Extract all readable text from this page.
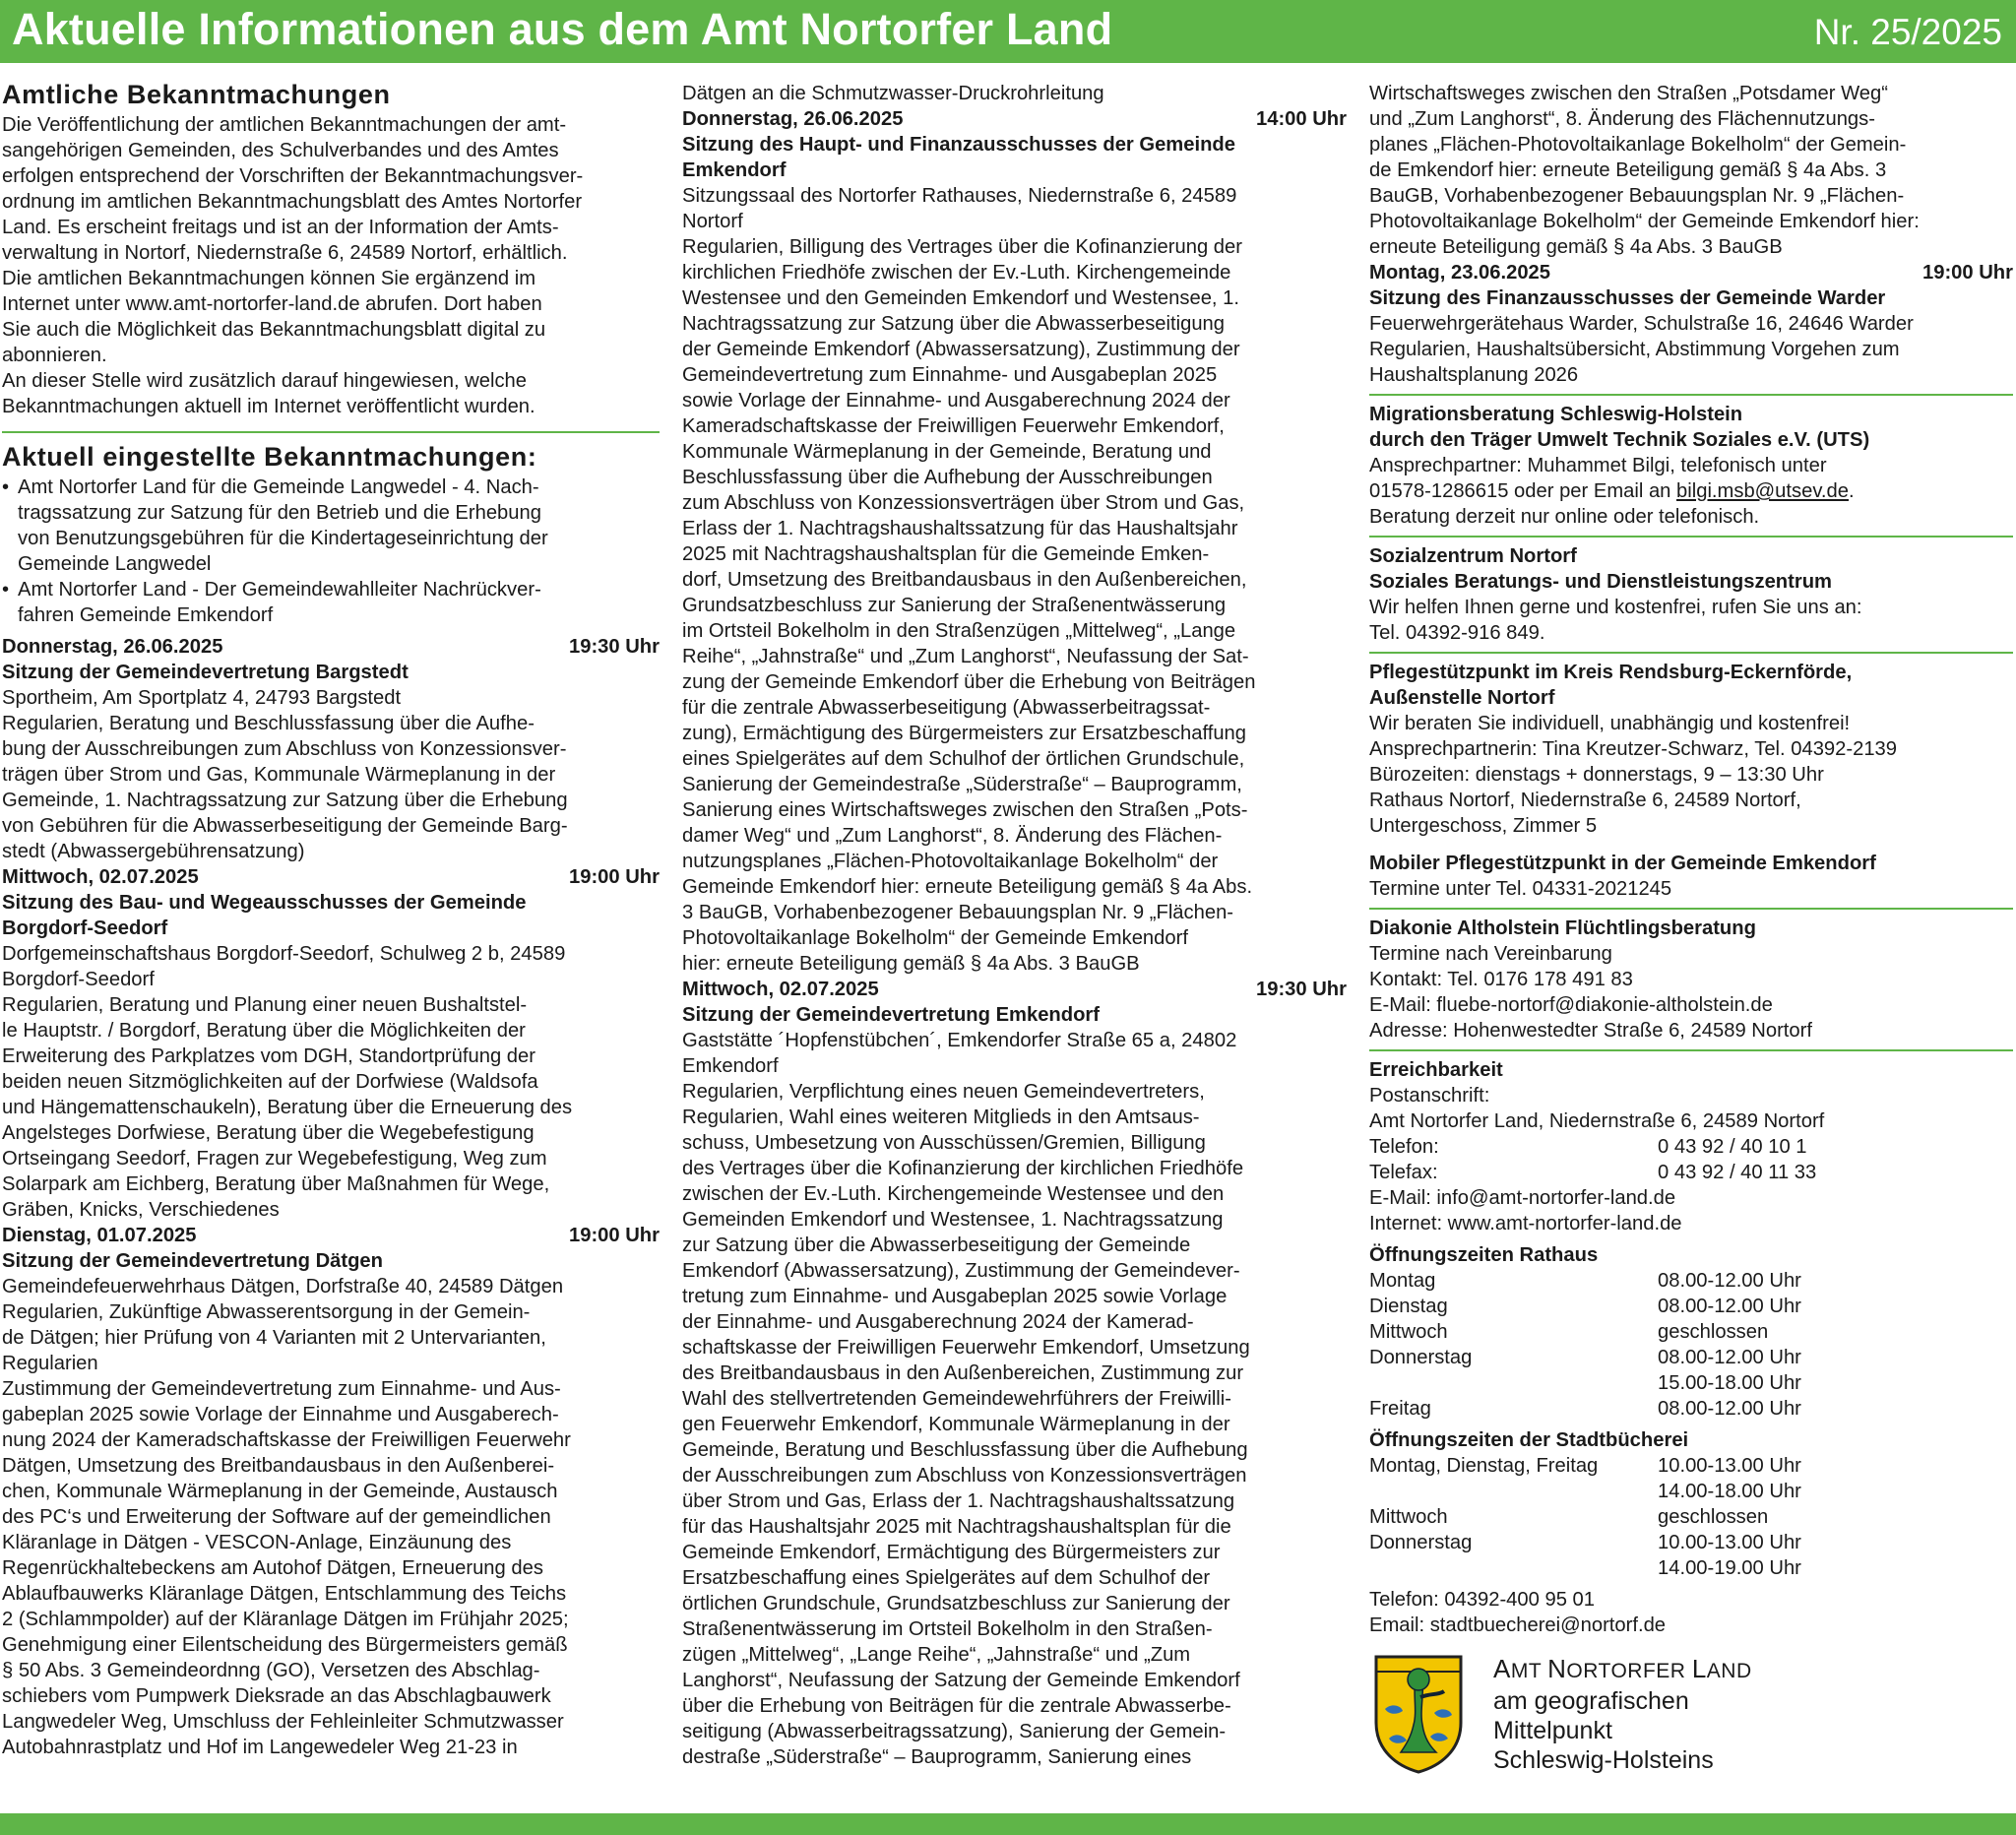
Aktuelle Informationen aus dem Amt Nortorfer Land	Nr. 25/2025
Amtliche Bekanntmachungen

Die Veröffentlichung der amtlichen Bekanntmachungen der amt-

sangehörigen Gemeinden, des Schulverbandes und des Amtes

erfolgen entsprechend der Vorschriften der Bekanntmachungsver-

ordnung im amtlichen Bekanntmachungsblatt des Amtes Nortorfer

Land. Es erscheint freitags und ist an der Information der Amts-

verwaltung in Nortorf, Niedernstraße 6, 24589 Nortorf, erhältlich.

Die amtlichen Bekanntmachungen können Sie ergänzend im

Internet unter www.amt-nortorfer-land.de abrufen. Dort haben

Sie auch die Möglichkeit das Bekanntmachungsblatt digital zu

abonnieren.

An dieser Stelle wird zusätzlich darauf hingewiesen, welche

Bekanntmachungen aktuell im Internet veröffentlicht wurden.

Aktuell eingestellte Bekanntmachungen:
• Amt Nortorfer Land für die Gemeinde Langwedel - 4. Nach-

tragssatzung zur Satzung für den Betrieb und die Erhebung

von Benutzungsgebühren für die Kindertageseinrichtung der

Gemeinde Langwedel

• Amt Nortorfer Land - Der Gemeindewahlleiter Nachrückver-

fahren Gemeinde Emkendorf

Donnerstag, 26.06.2025	19:30 Uhr

Sitzung der Gemeindevertretung Bargstedt

Sportheim, Am Sportplatz 4, 24793 Bargstedt

Regularien, Beratung und Beschlussfassung über die Aufhe-

bung der Ausschreibungen zum Abschluss von Konzessionsver-

trägen über Strom und Gas, Kommunale Wärmeplanung in der

Gemeinde, 1. Nachtragssatzung zur Satzung über die Erhebung

von Gebühren für die Abwasserbeseitigung der Gemeinde Barg-

stedt (Abwassergebührensatzung)

Mittwoch, 02.07.2025	19:00 Uhr

Sitzung des Bau- und Wegeausschusses der Gemeinde

Borgdorf-Seedorf

Dorfgemeinschaftshaus Borgdorf-Seedorf, Schulweg 2 b, 24589

Borgdorf-Seedorf

Regularien, Beratung und Planung einer neuen Bushaltstel-

le Hauptstr. / Borgdorf, Beratung über die Möglichkeiten der

Erweiterung des Parkplatzes vom DGH, Standortprüfung der

beiden neuen Sitzmöglichkeiten auf der Dorfwiese (Waldsofa

und Hängemattenschaukeln), Beratung über die Erneuerung des

Angelsteges Dorfwiese, Beratung über die Wegebefestigung

Ortseingang Seedorf, Fragen zur Wegebefestigung, Weg zum

Solarpark am Eichberg, Beratung über Maßnahmen für Wege,

Gräben, Knicks, Verschiedenes

Dienstag, 01.07.2025	19:00 Uhr

Sitzung der Gemeindevertretung Dätgen

Gemeindefeuerwehrhaus Dätgen, Dorfstraße 40, 24589 Dätgen

Regularien, Zukünftige Abwasserentsorgung in der Gemein-

de Dätgen; hier Prüfung von 4 Varianten mit 2 Untervarianten,

Regularien

Zustimmung der Gemeindevertretung zum Einnahme- und Aus-

gabeplan 2025 sowie Vorlage der Einnahme und Ausgaberech-

nung 2024 der Kameradschaftskasse der Freiwilligen Feuerwehr

Dätgen, Umsetzung des Breitbandausbaus in den Außenberei-

chen, Kommunale Wärmeplanung in der Gemeinde, Austausch

des PC‘s und Erweiterung der Software auf der gemeindlichen

Kläranlage in Dätgen - VESCON-Anlage, Einzäunung des

Regenrückhaltebeckens am Autohof Dätgen, Erneuerung des

Ablaufbauwerks Kläranlage Dätgen, Entschlammung des Teichs

2 (Schlammpolder) auf der Kläranlage Dätgen im Frühjahr 2025;

Genehmigung einer Eilentscheidung des Bürgermeisters gemäß

§ 50 Abs. 3 Gemeindeordnng (GO), Versetzen des Abschlag-

schiebers vom Pumpwerk Dieksrade an das Abschlagbauwerk

Langwedeler Weg, Umschluss der Fehleinleiter Schmutzwasser

Autobahnrastplatz und Hof im Langewedeler Weg 21-23 in

Dätgen an die Schmutzwasser-Druckrohrleitung

Donnerstag, 26.06.2025	14:00 Uhr

Sitzung des Haupt- und Finanzausschusses der Gemeinde

Emkendorf

Sitzungssaal des Nortorfer Rathauses, Niedernstraße 6, 24589

Nortorf

Regularien, Billigung des Vertrages über die Kofinanzierung der

kirchlichen Friedhöfe zwischen der Ev.-Luth. Kirchengemeinde

Westensee und den Gemeinden Emkendorf und Westensee, 1.

Nachtragssatzung zur Satzung über die Abwasserbeseitigung

der Gemeinde Emkendorf (Abwassersatzung), Zustimmung der

Gemeindevertretung zum Einnahme- und Ausgabeplan 2025

sowie Vorlage der Einnahme- und Ausgaberechnung 2024 der

Kameradschaftskasse der Freiwilligen Feuerwehr Emkendorf,

Kommunale Wärmeplanung in der Gemeinde, Beratung und

Beschlussfassung über die Aufhebung der Ausschreibungen

zum Abschluss von Konzessionsverträgen über Strom und Gas,

Erlass der 1. Nachtragshaushaltssatzung für das Haushaltsjahr

2025 mit Nachtragshaushaltsplan für die Gemeinde Emken-

dorf, Umsetzung des Breitbandausbaus in den Außenbereichen,

Grundsatzbeschluss zur Sanierung der Straßenentwässerung

im Ortsteil Bokelholm in den Straßenzügen „Mittelweg“, „Lange

Reihe“, „Jahnstraße“ und „Zum Langhorst“, Neufassung der Sat-

zung der Gemeinde Emkendorf über die Erhebung von Beiträgen

für die zentrale Abwasserbeseitigung (Abwasserbeitragssat-

zung), Ermächtigung des Bürgermeisters zur Ersatzbeschaffung

eines Spielgerätes auf dem Schulhof der örtlichen Grundschule,

Sanierung der Gemeindestraße „Süderstraße“ – Bauprogramm,

Sanierung eines Wirtschaftsweges zwischen den Straßen „Pots-

damer Weg“ und „Zum Langhorst“, 8. Änderung des Flächen-

nutzungsplanes „Flächen-Photovoltaikanlage Bokelholm“ der

Gemeinde Emkendorf hier: erneute Beteiligung gemäß § 4a Abs.

3 BauGB, Vorhabenbezogener Bebauungsplan Nr. 9 „Flächen-

Photovoltaikanlage Bokelholm“ der Gemeinde Emkendorf

hier: erneute Beteiligung gemäß § 4a Abs. 3 BauGB

Mittwoch, 02.07.2025	19:30 Uhr

Sitzung der Gemeindevertretung Emkendorf

Gaststätte ´Hopfenstübchen´, Emkendorfer Straße 65 a, 24802

Emkendorf

Regularien, Verpflichtung eines neuen Gemeindevertreters,

Regularien, Wahl eines weiteren Mitglieds in den Amtsaus-

schuss, Umbesetzung von Ausschüssen/Gremien, Billigung

des Vertrages über die Kofinanzierung der kirchlichen Friedhöfe

zwischen der Ev.-Luth. Kirchengemeinde Westensee und den

Gemeinden Emkendorf und Westensee, 1. Nachtragssatzung

zur Satzung über die Abwasserbeseitigung der Gemeinde

Emkendorf (Abwassersatzung), Zustimmung der Gemeindever-

tretung zum Einnahme- und Ausgabeplan 2025 sowie Vorlage

der Einnahme- und Ausgaberechnung 2024 der Kamerad-

schaftskasse der Freiwilligen Feuerwehr Emkendorf, Umsetzung

des Breitbandausbaus in den Außenbereichen, Zustimmung zur

Wahl des stellvertretenden Gemeindewehrführers der Freiwilli-

gen Feuerwehr Emkendorf, Kommunale Wärmeplanung in der

Gemeinde, Beratung und Beschlussfassung über die Aufhebung

der Ausschreibungen zum Abschluss von Konzessionsverträgen

über Strom und Gas, Erlass der 1. Nachtragshaushaltssatzung

für das Haushaltsjahr 2025 mit Nachtragshaushaltsplan für die

Gemeinde Emkendorf, Ermächtigung des Bürgermeisters zur

Ersatzbeschaffung eines Spielgerätes auf dem Schulhof der

örtlichen Grundschule, Grundsatzbeschluss zur Sanierung der

Straßenentwässerung im Ortsteil Bokelholm in den Straßen-

zügen „Mittelweg“, „Lange Reihe“, „Jahnstraße“ und „Zum

Langhorst“, Neufassung der Satzung der Gemeinde Emkendorf

über die Erhebung von Beiträgen für die zentrale Abwasserbe-

seitigung (Abwasserbeitragssatzung), Sanierung der Gemein-

destraße „Süderstraße“ – Bauprogramm, Sanierung eines

Wirtschaftsweges zwischen den Straßen „Potsdamer Weg“

und „Zum Langhorst“, 8. Änderung des Flächennutzungs-

planes „Flächen-Photovoltaikanlage Bokelholm“ der Gemein-

de Emkendorf hier: erneute Beteiligung gemäß § 4a Abs. 3

BauGB, Vorhabenbezogener Bebauungsplan Nr. 9 „Flächen-

Photovoltaikanlage Bokelholm“ der Gemeinde Emkendorf hier:

erneute Beteiligung gemäß § 4a Abs. 3 BauGB

Montag, 23.06.2025	19:00 Uhr

Sitzung des Finanzausschusses der Gemeinde Warder

Feuerwehrgerätehaus Warder, Schulstraße 16, 24646 Warder

Regularien, Haushaltsübersicht, Abstimmung Vorgehen zum

Haushaltsplanung 2026

Migrationsberatung Schleswig-Holstein

durch den Träger Umwelt Technik Soziales e.V. (UTS)

Ansprechpartner: Muhammet Bilgi, telefonisch unter

01578-1286615 oder per Email an bilgi.msb@utsev.de.

Beratung derzeit nur online oder telefonisch.

Sozialzentrum Nortorf

Soziales Beratungs- und Dienstleistungszentrum

Wir helfen Ihnen gerne und kostenfrei, rufen Sie uns an:

Tel. 04392-916 849.

Pflegestützpunkt im Kreis Rendsburg-Eckernförde,

Außenstelle Nortorf

Wir beraten Sie individuell, unabhängig und kostenfrei!

Ansprechpartnerin: Tina Kreutzer-Schwarz, Tel. 04392-2139

Bürozeiten: dienstags + donnerstags, 9 – 13:30 Uhr

Rathaus Nortorf, Niedernstraße 6, 24589 Nortorf,

Untergeschoss, Zimmer 5

Mobiler Pflegestützpunkt in der Gemeinde Emkendorf

Termine unter Tel. 04331-2021245

Diakonie Altholstein Flüchtlingsberatung

Termine nach Vereinbarung

Kontakt: Tel. 0176 178 491 83

E-Mail: fluebe-nortorf@diakonie-altholstein.de

Adresse: Hohenwestedter Straße 6, 24589 Nortorf

Erreichbarkeit

Postanschrift:

Amt Nortorfer Land, Niedernstraße 6, 24589 Nortorf

Telefon:	0 43 92 / 40 10 1
Telefax:	0 43 92 / 40 11 33

E-Mail: info@amt-nortorfer-land.de

Internet: www.amt-nortorfer-land.de

Öffnungszeiten Rathaus

Montag	08.00-12.00 Uhr
Dienstag	08.00-12.00 Uhr
Mittwoch	geschlossen
Donnerstag	08.00-12.00 Uhr
15.00-18.00 Uhr
Freitag	08.00-12.00 Uhr

Öffnungszeiten der Stadtbücherei

Montag, Dienstag, Freitag	10.00-13.00 Uhr
14.00-18.00 Uhr
Mittwoch	geschlossen
Donnerstag	10.00-13.00 Uhr
14.00-19.00 Uhr

Telefon: 04392-400 95 01

Email: stadtbuecherei@nortorf.de

AMT NORTORFER LAND
am geografischen
Mittelpunkt
Schleswig-Holsteins
